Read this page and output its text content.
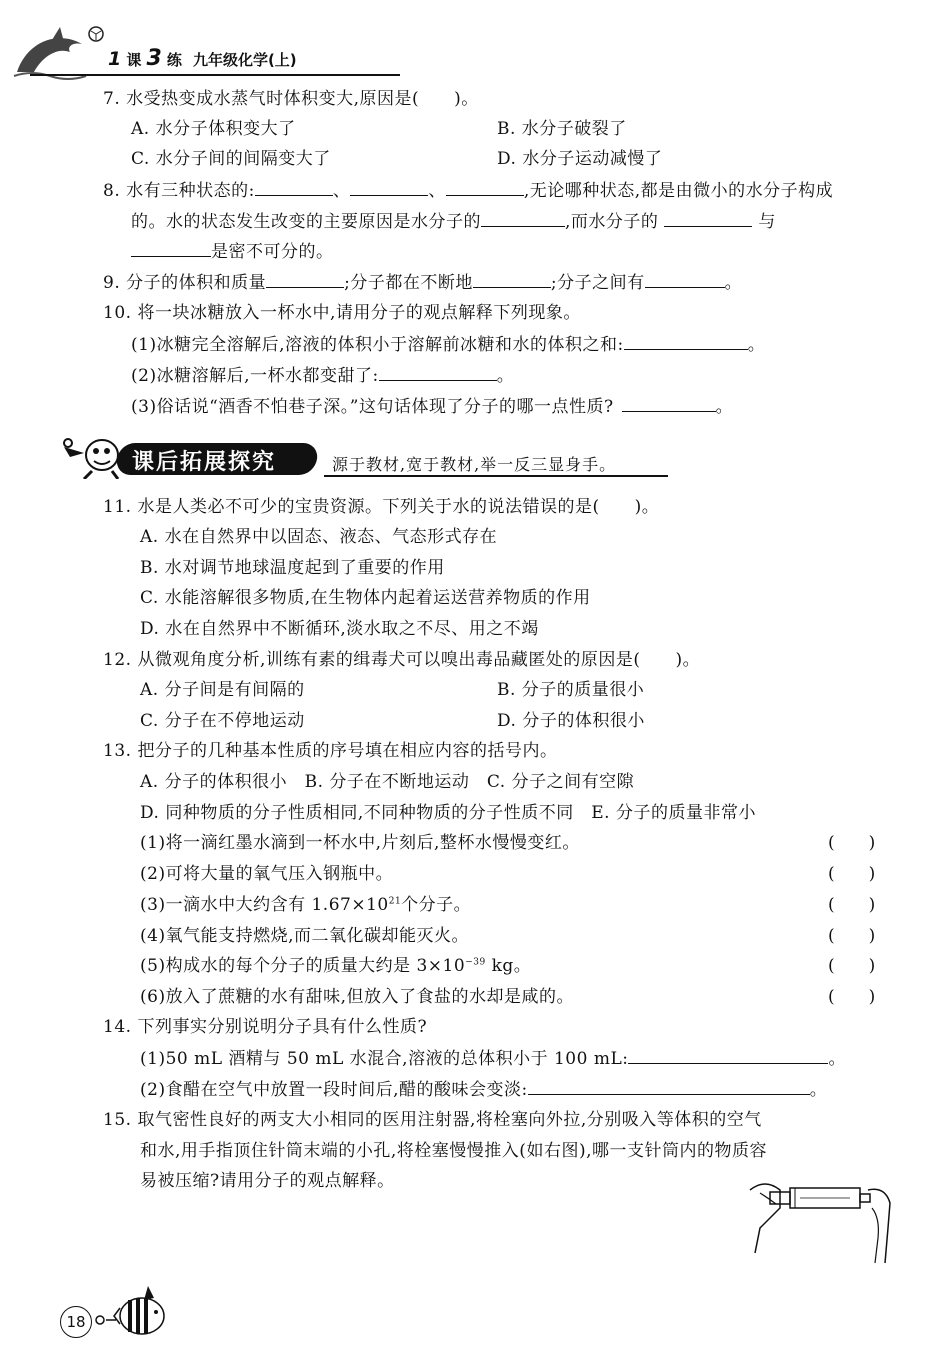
1 课 3 练 九年级化学(上)
7. 水受热变成水蒸气时体积变大,原因是(　　)。
A. 水分子体积变大了	B. 水分子破裂了
C. 水分子间的间隔变大了	D. 水分子运动减慢了
8. 水有三种状态的:	、	、	,无论哪种状态,都是由微小的水分子构成
的。水的状态发生改变的主要原因是水分子的	,而水分子的	与
是密不可分的。
9. 分子的体积和质量	;分子都在不断地	;分子之间有	。
10. 将一块冰糖放入一杯水中,请用分子的观点解释下列现象。
(1)冰糖完全溶解后,溶液的体积小于溶解前冰糖和水的体积之和:	。
(2)冰糖溶解后,一杯水都变甜了:	。
(3)俗话说“酒香不怕巷子深。”这句话体现了分子的哪一点性质?	。
课后拓展探究	源于教材,宽于教材,举一反三显身手。
11. 水是人类必不可少的宝贵资源。下列关于水的说法错误的是(　　)。
A. 水在自然界中以固态、液态、气态形式存在
B. 水对调节地球温度起到了重要的作用
C. 水能溶解很多物质,在生物体内起着运送营养物质的作用
D. 水在自然界中不断循环,淡水取之不尽、用之不竭
12. 从微观角度分析,训练有素的缉毒犬可以嗅出毒品藏匿处的原因是(　　)。
A. 分子间是有间隔的	B. 分子的质量很小
C. 分子在不停地运动	D. 分子的体积很小
13. 把分子的几种基本性质的序号填在相应内容的括号内。
A. 分子的体积很小　B. 分子在不断地运动　C. 分子之间有空隙
D. 同种物质的分子性质相同,不同种物质的分子性质不同　E. 分子的质量非常小
(1)将一滴红墨水滴到一杯水中,片刻后,整杯水慢慢变红。	(　　)
(2)可将大量的氧气压入钢瓶中。	(　　)
(3)一滴水中大约含有 $1.67\times 10^{21}$个分子。	(　　)
(4)氧气能支持燃烧,而二氧化碳却能灭火。	(　　)
(5)构成水的每个分子的质量大约是 $3\times 10^{-39}$ kg。	(　　)
(6)放入了蔗糖的水有甜味,但放入了食盐的水却是咸的。	(　　)
14. 下列事实分别说明分子具有什么性质?
(1)50 mL 酒精与 50 mL 水混合,溶液的总体积小于 100 mL:	。
(2)食醋在空气中放置一段时间后,醋的酸味会变淡:	。
15. 取气密性良好的两支大小相同的医用注射器,将栓塞向外拉,分别吸入等体积的空气
和水,用手指顶住针筒末端的小孔,将栓塞慢慢推入(如右图),哪一支针筒内的物质容
易被压缩?请用分子的观点解释。
18
